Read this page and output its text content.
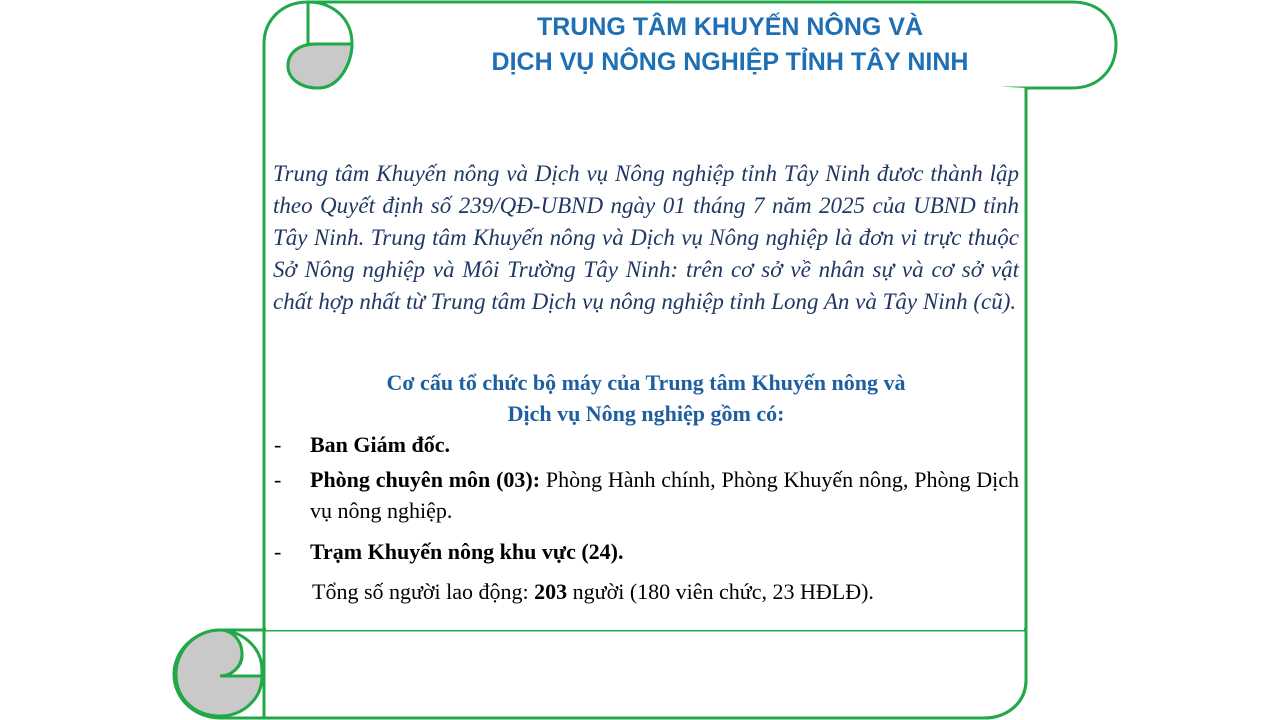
TRUNG TÂM KHUYẾN NÔNG VÀ
DỊCH VỤ NÔNG NGHIỆP TỈNH TÂY NINH

Trung tâm Khuyến nông và Dịch vụ Nông nghiệp tỉnh Tây Ninh đươc thành lập theo Quyết định số 239/QĐ-UBND ngày 01 tháng 7 năm 2025 của UBND tỉnh Tây Ninh. Trung tâm Khuyến nông và Dịch vụ Nông nghiệp là đơn vi trực thuộc Sở Nông nghiệp và Môi Trường Tây Ninh: trên cơ sở về nhân sự và cơ sở vật chất hợp nhất từ Trung tâm Dịch vụ nông nghiệp tỉnh Long An và Tây Ninh (cũ).

Cơ cấu tổ chức bộ máy của Trung tâm Khuyến nông và
Dịch vụ Nông nghiệp gồm có:
- Ban Giám đốc.
- Phòng chuyên môn (03): Phòng Hành chính, Phòng Khuyến nông, Phòng Dịch vụ nông nghiệp.
- Trạm Khuyến nông khu vực (24).
Tổng số người lao động: 203 người (180 viên chức, 23 HĐLĐ).
